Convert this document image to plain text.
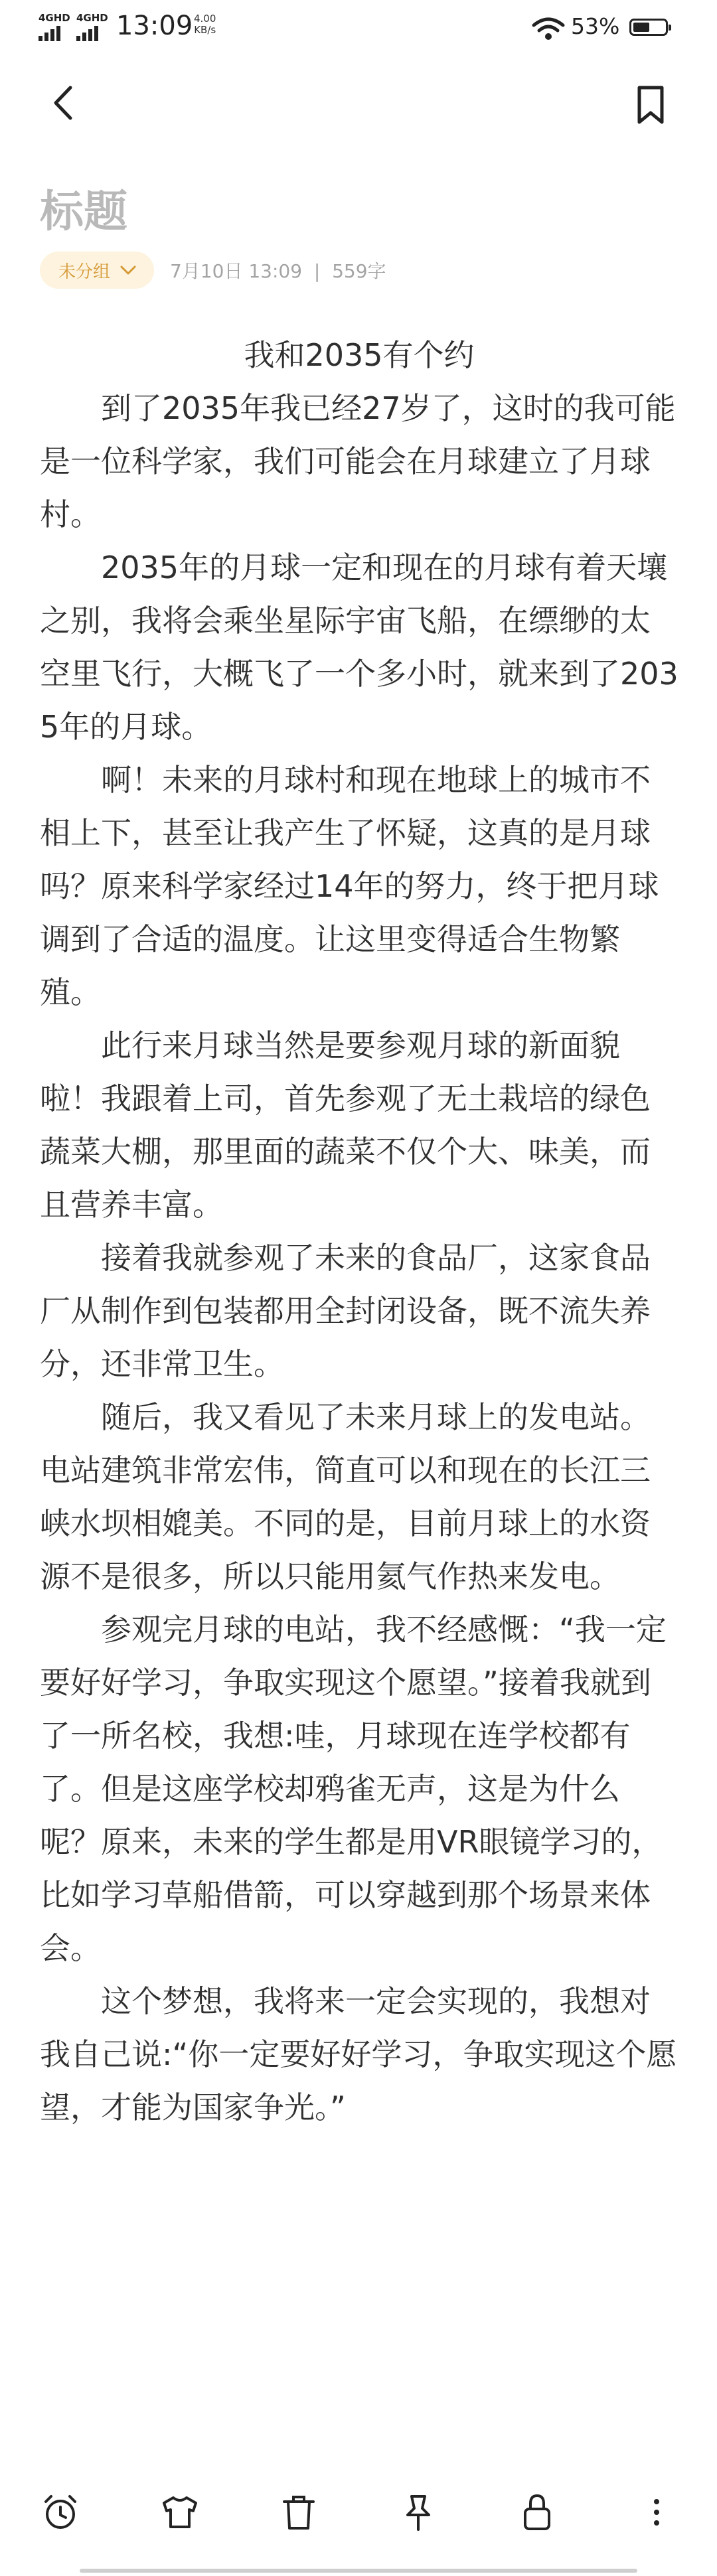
4GHD 4GHD 13:09 4.00
KB/s	53%
标题
未分组	7月10日 13:09  |  559字

我和2035有个约

到了2035年我已经27岁了，这时的我可能是一位科学家，我们可能会在月球建立了月球村。

2035年的月球一定和现在的月球有着天壤之别，我将会乘坐星际宇宙飞船，在缥缈的太空里飞行，大概飞了一个多小时，就来到了2035年的月球。

啊！未来的月球村和现在地球上的城市不相上下，甚至让我产生了怀疑，这真的是月球吗？原来科学家经过14年的努力，终于把月球调到了合适的温度。让这里变得适合生物繁殖。

此行来月球当然是要参观月球的新面貌啦！我跟着上司，首先参观了无土栽培的绿色蔬菜大棚，那里面的蔬菜不仅个大、味美，而且营养丰富。

接着我就参观了未来的食品厂，这家食品厂从制作到包装都用全封闭设备，既不流失养分，还非常卫生。

随后，我又看见了未来月球上的发电站。电站建筑非常宏伟，简直可以和现在的长江三峡水坝相媲美。不同的是，目前月球上的水资源不是很多，所以只能用氦气作热来发电。

参观完月球的电站，我不经感慨：“我一定要好好学习，争取实现这个愿望。”接着我就到了一所名校，我想:哇，月球现在连学校都有了。但是这座学校却鸦雀无声，这是为什么呢？原来，未来的学生都是用VR眼镜学习的，比如学习草船借箭，可以穿越到那个场景来体会。

这个梦想，我将来一定会实现的，我想对我自己说:“你一定要好好学习，争取实现这个愿望，才能为国家争光。”
